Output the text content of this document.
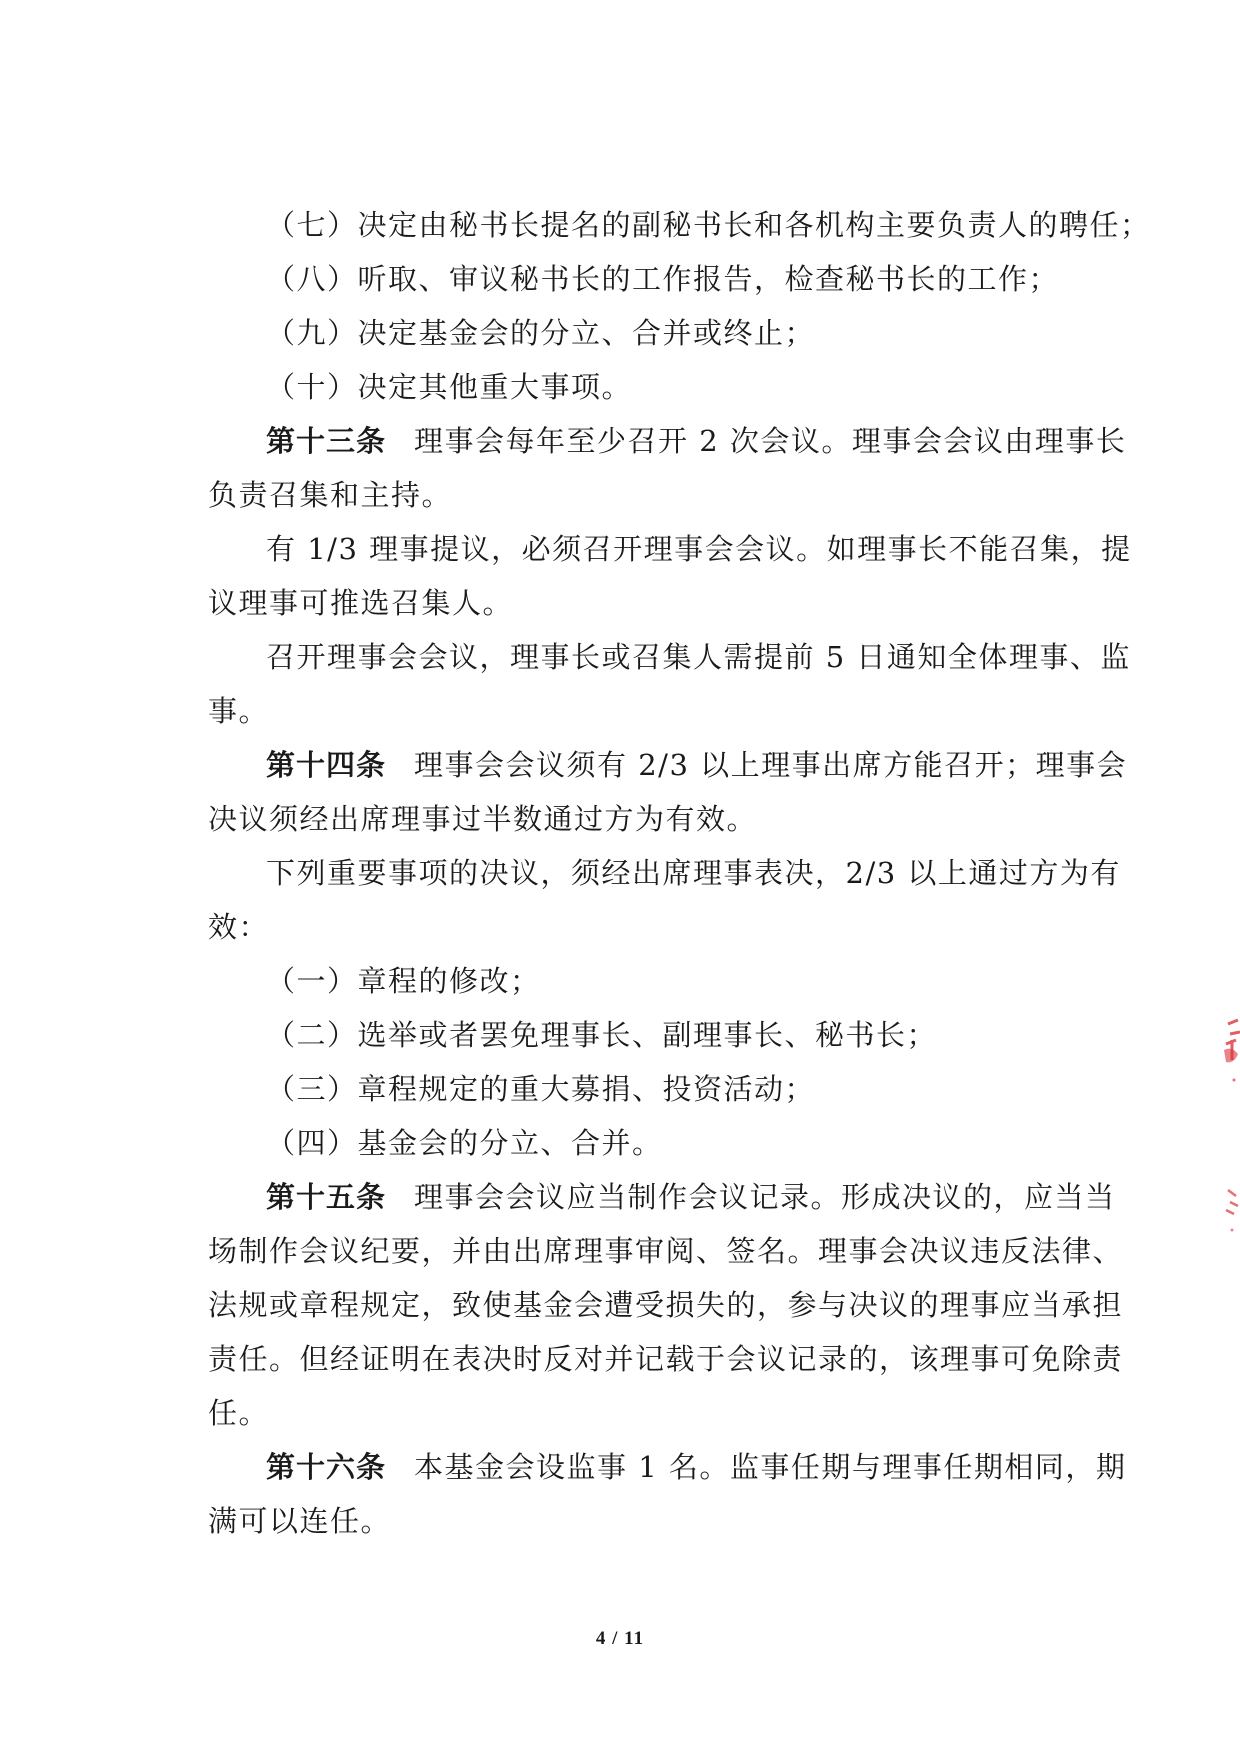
（七）决定由秘书长提名的副秘书长和各机构主要负责人的聘任；
（八）听取、审议秘书长的工作报告，检查秘书长的工作；
（九）决定基金会的分立、合并或终止；
（十）决定其他重大事项。
第十三条 理事会每年至少召开 2 次会议。理事会会议由理事长
负责召集和主持。
有 1/3 理事提议，必须召开理事会会议。如理事长不能召集，提
议理事可推选召集人。
召开理事会会议，理事长或召集人需提前 5 日通知全体理事、监
事。
第十四条 理事会会议须有 2/3 以上理事出席方能召开；理事会
决议须经出席理事过半数通过方为有效。
下列重要事项的决议，须经出席理事表决，2/3 以上通过方为有
效：
（一）章程的修改；
（二）选举或者罢免理事长、副理事长、秘书长；
（三）章程规定的重大募捐、投资活动；
（四）基金会的分立、合并。
第十五条 理事会会议应当制作会议记录。形成决议的，应当当
场制作会议纪要，并由出席理事审阅、签名。理事会决议违反法律、
法规或章程规定，致使基金会遭受损失的，参与决议的理事应当承担
责任。但经证明在表决时反对并记载于会议记录的，该理事可免除责
任。
第十六条 本基金会设监事 1 名。监事任期与理事任期相同，期
满可以连任。
4 / 11
